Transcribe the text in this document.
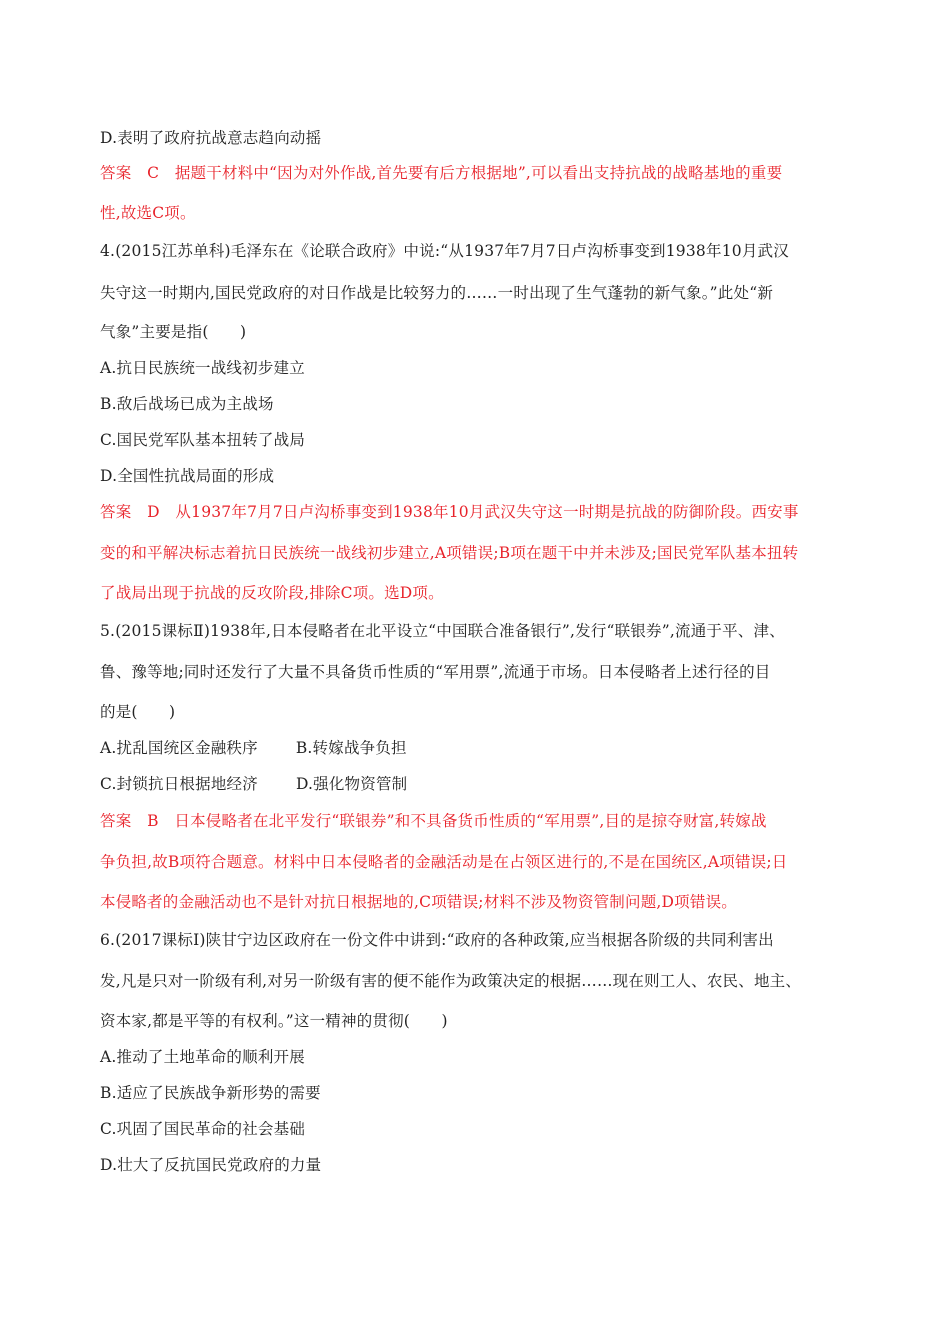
D.表明了政府抗战意志趋向动摇
答案　C　据题干材料中“因为对外作战,首先要有后方根据地”,可以看出支持抗战的战略基地的重要
性,故选C项。
4.(2015江苏单科)毛泽东在《论联合政府》中说:“从1937年7月7日卢沟桥事变到1938年10月武汉
失守这一时期内,国民党政府的对日作战是比较努力的……一时出现了生气蓬勃的新气象。”此处“新
气象”主要是指(　　)
A.抗日民族统一战线初步建立
B.敌后战场已成为主战场
C.国民党军队基本扭转了战局
D.全国性抗战局面的形成
答案　D　从1937年7月7日卢沟桥事变到1938年10月武汉失守这一时期是抗战的防御阶段。西安事
变的和平解决标志着抗日民族统一战线初步建立,A项错误;B项在题干中并未涉及;国民党军队基本扭转
了战局出现于抗战的反攻阶段,排除C项。选D项。
5.(2015课标Ⅱ)1938年,日本侵略者在北平设立“中国联合准备银行”,发行“联银券”,流通于平、津、
鲁、豫等地;同时还发行了大量不具备货币性质的“军用票”,流通于市场。日本侵略者上述行径的目
的是(　　)
A.扰乱国统区金融秩序 B.转嫁战争负担
C.封锁抗日根据地经济 D.强化物资管制
答案　B　日本侵略者在北平发行“联银券”和不具备货币性质的“军用票”,目的是掠夺财富,转嫁战
争负担,故B项符合题意。材料中日本侵略者的金融活动是在占领区进行的,不是在国统区,A项错误;日
本侵略者的金融活动也不是针对抗日根据地的,C项错误;材料不涉及物资管制问题,D项错误。
6.(2017课标Ⅰ)陕甘宁边区政府在一份文件中讲到:“政府的各种政策,应当根据各阶级的共同利害出
发,凡是只对一阶级有利,对另一阶级有害的便不能作为政策决定的根据……现在则工人、农民、地主、
资本家,都是平等的有权利。”这一精神的贯彻(　　)
A.推动了土地革命的顺利开展
B.适应了民族战争新形势的需要
C.巩固了国民革命的社会基础
D.壮大了反抗国民党政府的力量
